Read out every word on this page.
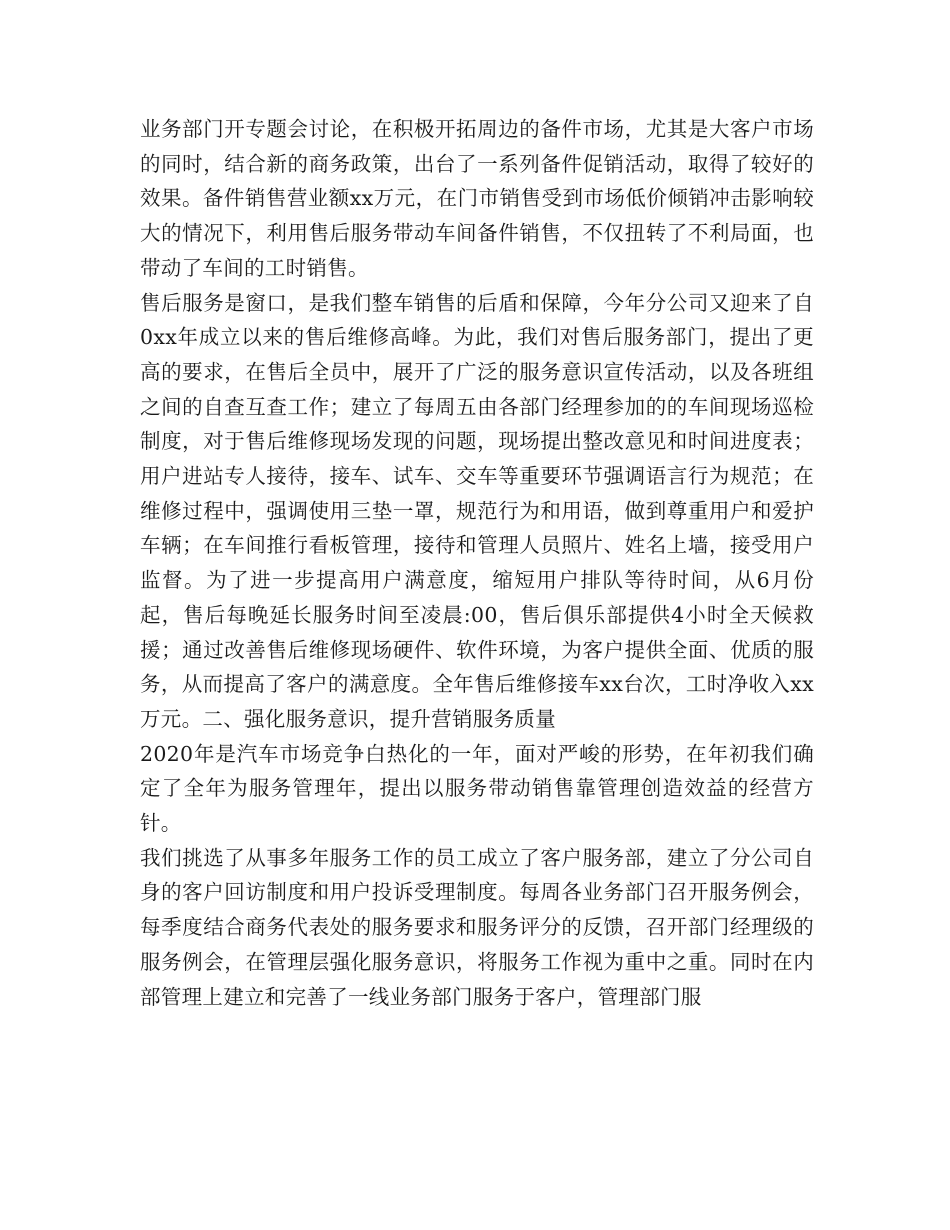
业务部门开专题会讨论，在积极开拓周边的备件市场，尤其是大客户市场的同时，结合新的商务政策，出台了一系列备件促销活动，取得了较好的效果。备件销售营业额xx万元，在门市销售受到市场低价倾销冲击影响较大的情况下，利用售后服务带动车间备件销售，不仅扭转了不利局面，也带动了车间的工时销售。

售后服务是窗口，是我们整车销售的后盾和保障，今年分公司又迎来了自0xx年成立以来的售后维修高峰。为此，我们对售后服务部门，提出了更高的要求，在售后全员中，展开了广泛的服务意识宣传活动，以及各班组之间的自查互查工作；建立了每周五由各部门经理参加的的车间现场巡检制度，对于售后维修现场发现的问题，现场提出整改意见和时间进度表；用户进站专人接待，接车、试车、交车等重要环节强调语言行为规范；在维修过程中，强调使用三垫一罩，规范行为和用语，做到尊重用户和爱护车辆；在车间推行看板管理，接待和管理人员照片、姓名上墙，接受用户监督。为了进一步提高用户满意度，缩短用户排队等待时间，从6月份起，售后每晚延长服务时间至凌晨:00，售后俱乐部提供4小时全天候救援；通过改善售后维修现场硬件、软件环境，为客户提供全面、优质的服务，从而提高了客户的满意度。全年售后维修接车xx台次，工时净收入xx万元。二、强化服务意识，提升营销服务质量

2020年是汽车市场竞争白热化的一年，面对严峻的形势，在年初我们确定了全年为服务管理年，提出以服务带动销售靠管理创造效益的经营方针。

我们挑选了从事多年服务工作的员工成立了客户服务部，建立了分公司自身的客户回访制度和用户投诉受理制度。每周各业务部门召开服务例会，每季度结合商务代表处的服务要求和服务评分的反馈，召开部门经理级的服务例会，在管理层强化服务意识，将服务工作视为重中之重。同时在内部管理上建立和完善了一线业务部门服务于客户，管理部门服
